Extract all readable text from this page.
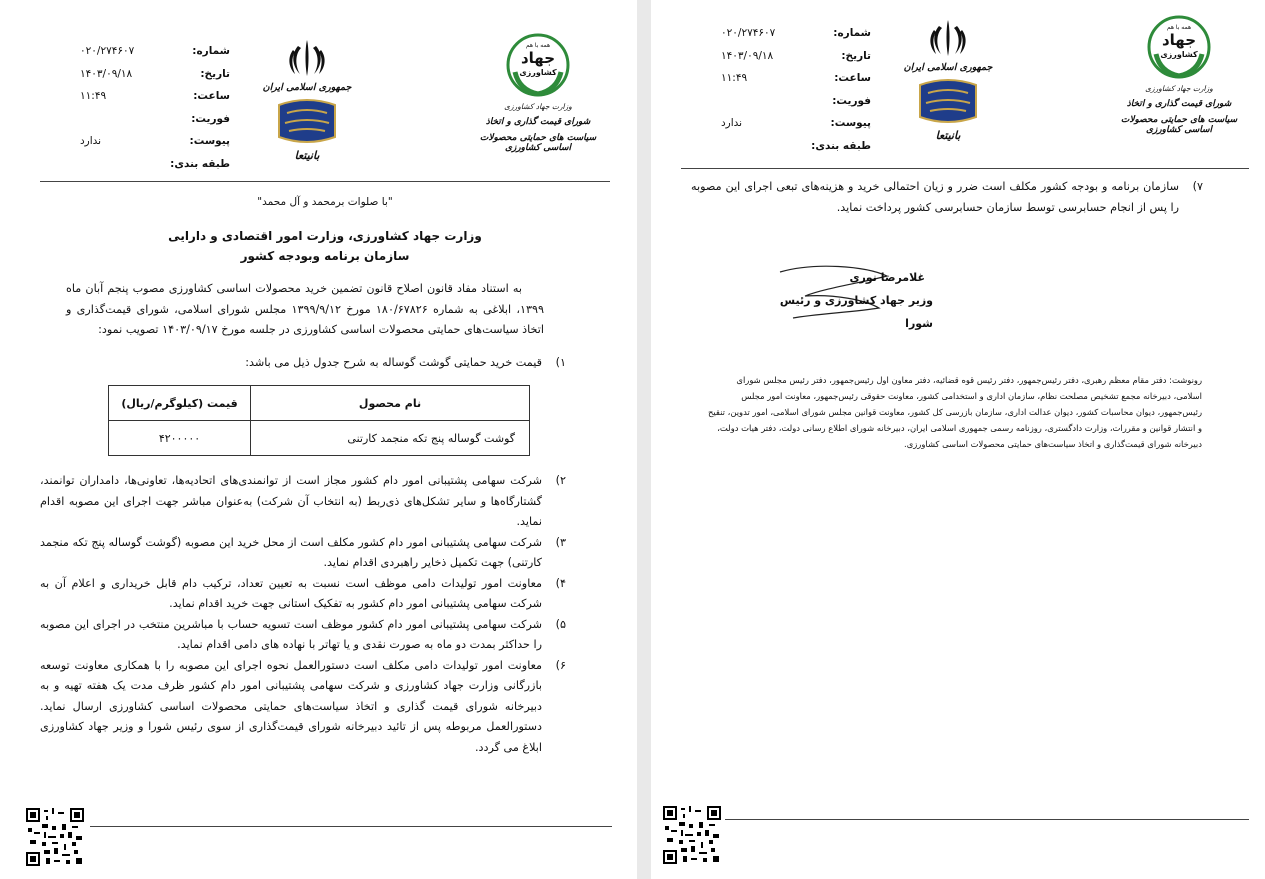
شماره:
۰۲۰/۲۷۴۶۰۷
تاریخ:
۱۴۰۳/۰۹/۱۸
ساعت:
۱۱:۴۹
فوریت:
پیوست:
ندارد
طبقه بندی:
جمهوری اسلامی ایران
بانیتعا
همه با هم
جهاد
کشاورزی
وزارت جهاد کشاورزی
شورای قیمت گذاری و اتخاذ
سیاست های حمایتی محصولات اساسی کشاورزی
"با صلوات برمحمد و آل محمد"
وزارت جهاد کشاورزی، وزارت امور اقتصادی و دارایی
سازمان برنامه وبودجه کشور
به استناد مفاد قانون اصلاح قانون تضمین خرید محصولات اساسی کشاورزی مصوب پنجم آبان ماه ۱۳۹۹، ابلاغی به شماره ۱۸۰/۶۷۸۲۶ مورخ ۱۳۹۹/۹/۱۲ مجلس شورای اسلامی، شورای قیمت‌گذاری و اتخاذ سیاست‌های حمایتی محصولات اساسی کشاورزی در جلسه مورخ ۱۴۰۳/۰۹/۱۷ تصویب نمود:
۱)
قیمت خرید حمایتی گوشت گوساله به شرح جدول ذیل می باشد:
نام محصول	قیمت (کیلوگرم/ریال)
گوشت گوساله پنج تکه منجمد کارتنی	۴۲۰۰۰۰۰
۲)
شرکت سهامی پشتیبانی امور دام کشور مجاز است از توانمندی‌های اتحادیه‌ها، تعاونی‌ها، دامداران توانمند، گشتارگاه‌ها و سایر تشکل‌های ذی‌ربط (به انتخاب آن شرکت) به‌عنوان مباشر جهت اجرای این مصوبه اقدام نماید.
۳)
شرکت سهامی پشتیبانی امور دام کشور مکلف است از محل خرید این مصوبه (گوشت گوساله پنج تکه منجمد کارتنی) جهت تکمیل ذخایر راهبردی اقدام نماید.
۴)
معاونت امور تولیدات دامی موظف است نسبت به تعیین تعداد، ترکیب دام قابل خریداری و اعلام آن به شرکت سهامی پشتیبانی امور دام کشور به تفکیک استانی جهت خرید اقدام نماید.
۵)
شرکت سهامی پشتیبانی امور دام کشور موظف است تسویه حساب با مباشرین منتخب در اجرای این مصوبه را حداکثر بمدت دو ماه به صورت نقدی و یا تهاتر با نهاده های دامی اقدام نماید.
۶)
معاونت امور تولیدات دامی مکلف است دستورالعمل نحوه اجرای این مصوبه را با همکاری معاونت توسعه بازرگانی وزارت جهاد کشاورزی و شرکت سهامی پشتیبانی امور دام کشور ظرف مدت یک هفته تهیه و به دبیرخانه شورای قیمت گذاری و اتخاذ سیاست‌های حمایتی محصولات اساسی کشاورزی ارسال نماید. دستورالعمل مربوطه پس از تائید دبیرخانه شورای قیمت‌گذاری از سوی رئیس شورا و وزیر جهاد کشاورزی ابلاغ می گردد.
شماره:
۰۲۰/۲۷۴۶۰۷
تاریخ:
۱۴۰۳/۰۹/۱۸
ساعت:
۱۱:۴۹
فوریت:
پیوست:
ندارد
طبقه بندی:
جمهوری اسلامی ایران
بانیتعا
همه با هم
جهاد
کشاورزی
وزارت جهاد کشاورزی
شورای قیمت گذاری و اتخاذ
سیاست های حمایتی محصولات اساسی کشاورزی
۷)
سازمان برنامه و بودجه کشور مکلف است ضرر و زیان احتمالی خرید و هزینه‌های تبعی اجرای این مصوبه را پس از انجام حسابرسی توسط سازمان حسابرسی کشور پرداخت نماید.
غلامرضا نوری
وزیر جهاد کشاورزی و رئیس شورا
رونوشت: دفتر مقام معظم رهبری، دفتر رئیس‌جمهور، دفتر رئیس قوه قضائیه، دفتر معاون اول رئیس‌جمهور، دفتر رئیس مجلس شورای اسلامی، دبیرخانه مجمع تشخیص مصلحت نظام، سازمان اداری و استخدامی کشور، معاونت حقوقی رئیس‌جمهور، معاونت امور مجلس رئیس‌جمهور، دیوان محاسبات کشور، دیوان عدالت اداری، سازمان بازرسی کل کشور، معاونت قوانین مجلس شورای اسلامی، امور تدوین، تنقیح و انتشار قوانین و مقررات، وزارت دادگستری، روزنامه رسمی جمهوری اسلامی ایران، دبیرخانه شورای اطلاع رسانی دولت، دفتر هیات دولت، دبیرخانه شورای قیمت‌گذاری و اتخاذ سیاست‌های حمایتی محصولات اساسی کشاورزی.
